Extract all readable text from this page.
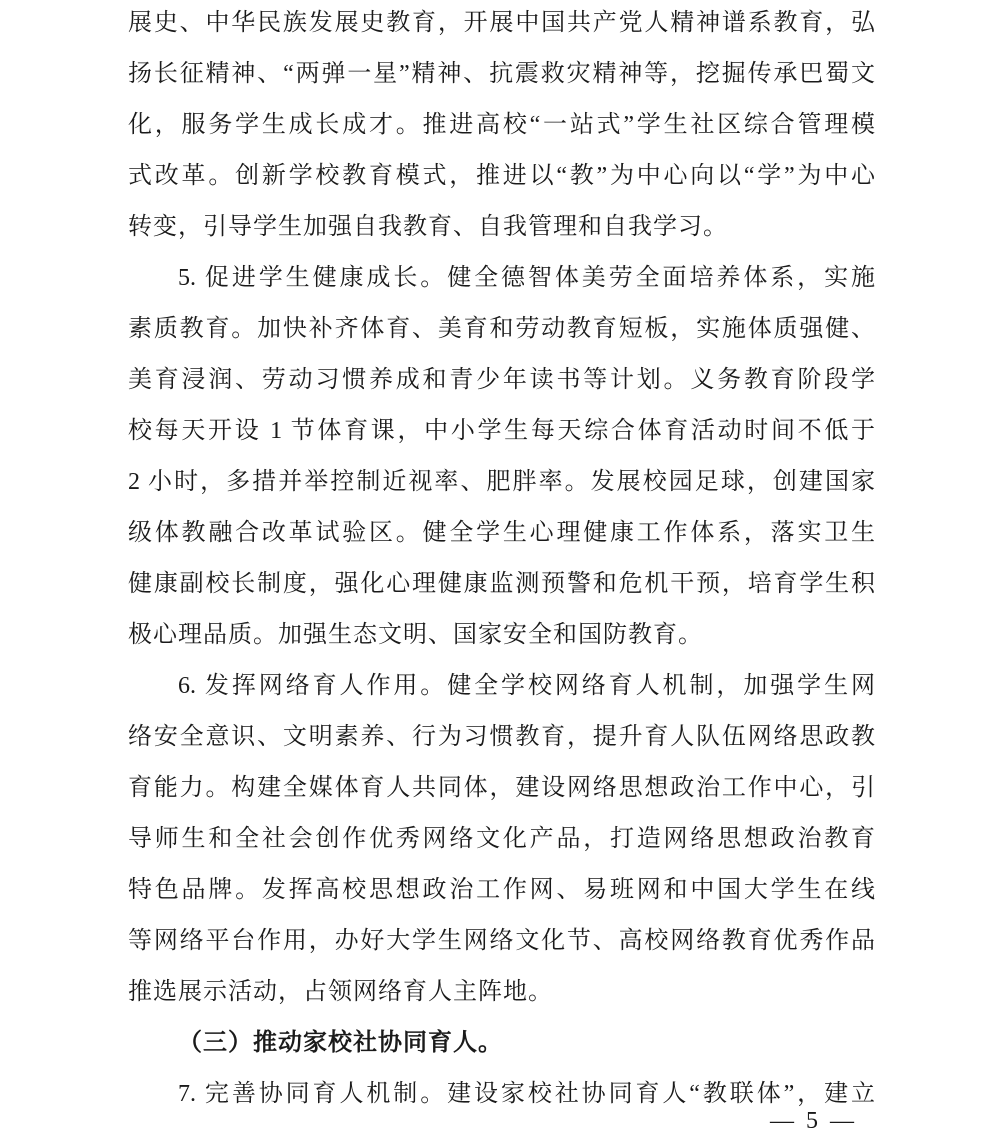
展史、中华民族发展史教育，开展中国共产党人精神谱系教育，弘
扬长征精神、“两弹一星”精神、抗震救灾精神等，挖掘传承巴蜀文
化，服务学生成长成才。推进高校“一站式”学生社区综合管理模
式改革。创新学校教育模式，推进以“教”为中心向以“学”为中心
转变，引导学生加强自我教育、自我管理和自我学习。
5. 促进学生健康成长。健全德智体美劳全面培养体系，实施
素质教育。加快补齐体育、美育和劳动教育短板，实施体质强健、
美育浸润、劳动习惯养成和青少年读书等计划。义务教育阶段学
校每天开设 1 节体育课，中小学生每天综合体育活动时间不低于
2 小时，多措并举控制近视率、肥胖率。发展校园足球，创建国家
级体教融合改革试验区。健全学生心理健康工作体系，落实卫生
健康副校长制度，强化心理健康监测预警和危机干预，培育学生积
极心理品质。加强生态文明、国家安全和国防教育。
6. 发挥网络育人作用。健全学校网络育人机制，加强学生网
络安全意识、文明素养、行为习惯教育，提升育人队伍网络思政教
育能力。构建全媒体育人共同体，建设网络思想政治工作中心，引
导师生和全社会创作优秀网络文化产品，打造网络思想政治教育
特色品牌。发挥高校思想政治工作网、易班网和中国大学生在线
等网络平台作用，办好大学生网络文化节、高校网络教育优秀作品
推选展示活动，占领网络育人主阵地。
（三）推动家校社协同育人。
7. 完善协同育人机制。建设家校社协同育人“教联体”，建立
— 5 —
